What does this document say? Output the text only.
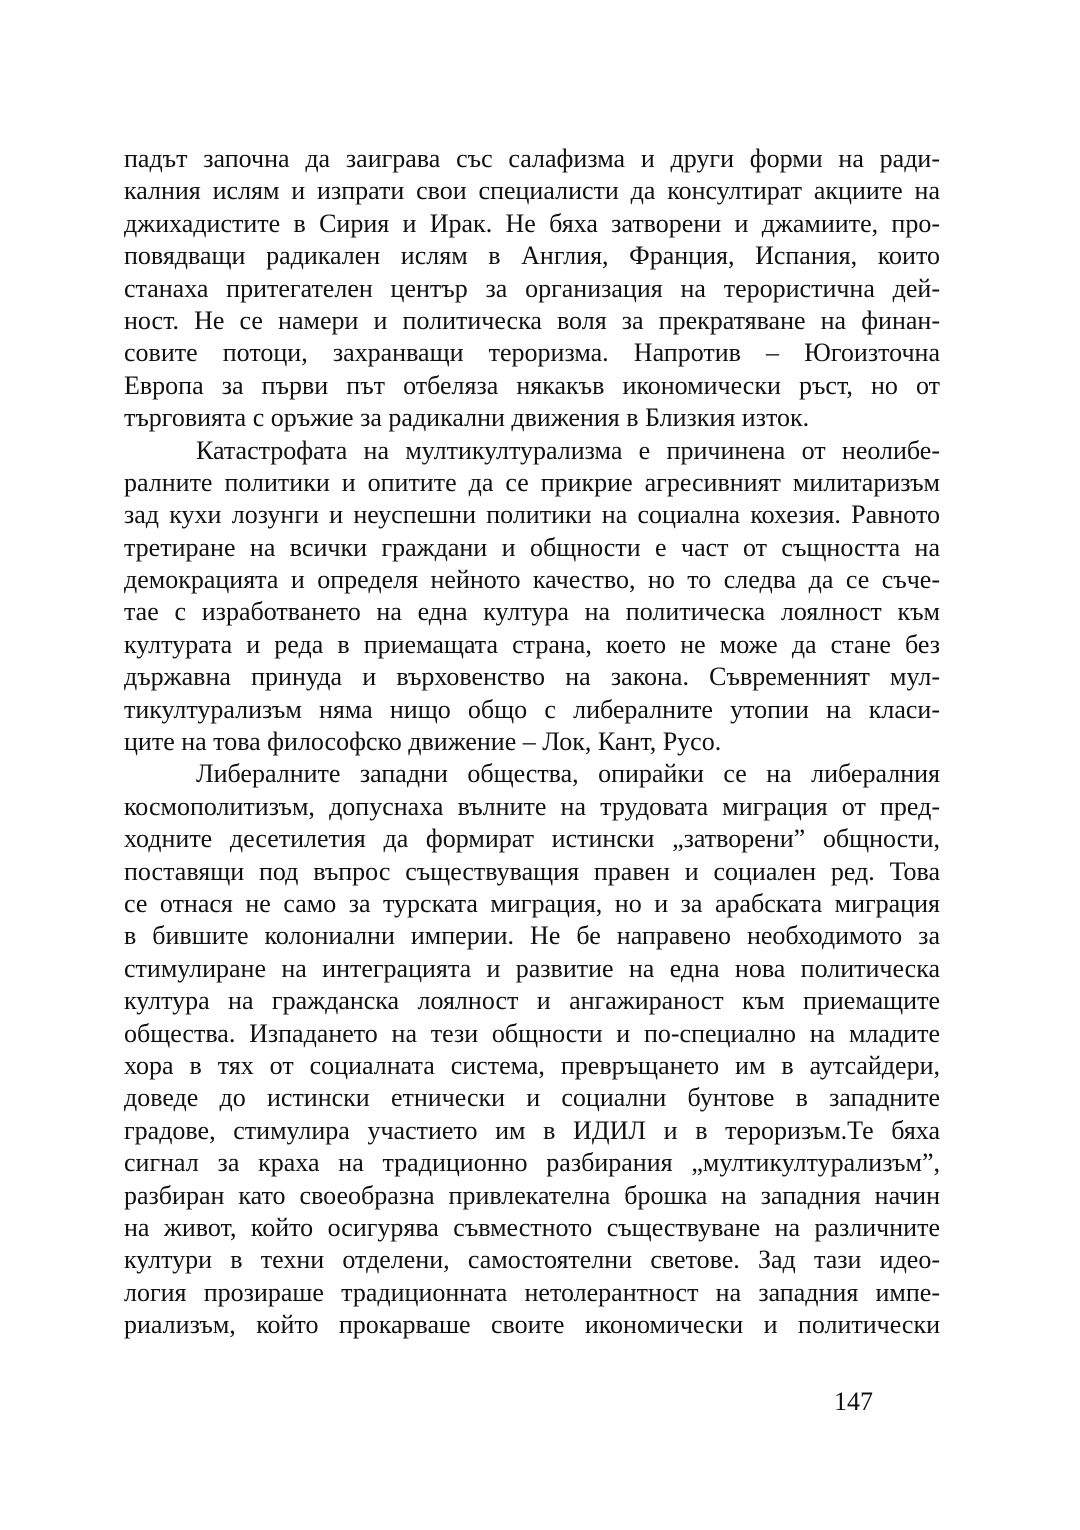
падът започна да заиграва със салафизма и други форми на ради-
калния ислям и изпрати свои специалисти да консултират акциите на
джихадистите в Сирия и Ирак. Не бяха затворени и джамиите, про-
повядващи радикален ислям в Англия, Франция, Испания, които
станаха притегателен център за организация на терористична дей-
ност. Не се намери и политическа воля за прекратяване на финан-
совите потоци, захранващи тероризма. Напротив – Югоизточна
Европа за първи път отбеляза някакъв икономически ръст, но от
търговията с оръжие за радикални движения в Близкия изток.
Катастрофата на мултикултурализма е причинена от неолибе-
ралните политики и опитите да се прикрие агресивният милитаризъм
зад кухи лозунги и неуспешни политики на социална кохезия. Равното
третиране на всички граждани и общности е част от същността на
демокрацията и определя нейното качество, но то следва да се съче-
тае с изработването на една култура на политическа лоялност към
културата и реда в приемащата страна, което не може да стане без
държавна принуда и върховенство на закона. Съвременният мул-
тикултурализъм няма нищо общо с либералните утопии на класи-
ците на това философско движение – Лок, Кант, Русо.
Либералните западни общества, опирайки се на либералния
космополитизъм, допуснаха вълните на трудовата миграция от пред-
ходните десетилетия да формират истински „затворени” общности,
поставящи под въпрос съществуващия правен и социален ред. Това
се отнася не само за турската миграция, но и за арабската миграция
в бившите колониални империи. Не бе направено необходимото за
стимулиране на интеграцията и развитие на една нова политическа
култура на гражданска лоялност и ангажираност към приемащите
общества. Изпадането на тези общности и по-специално на младите
хора в тях от социалната система, превръщането им в аутсайдери,
доведе до истински етнически и социални бунтове в западните
градове, стимулира участието им в ИДИЛ и в тероризъм.Те бяха
сигнал за краха на традиционно разбирания „мултикултурализъм”,
разбиран като своеобразна привлекателна брошка на западния начин
на живот, който осигурява съвместното съществуване на различните
култури в техни отделени, самостоятелни светове. Зад тази идео-
логия прозираше традиционната нетолерантност на западния импе-
риализъм, който прокарваше своите икономически и политически
147
